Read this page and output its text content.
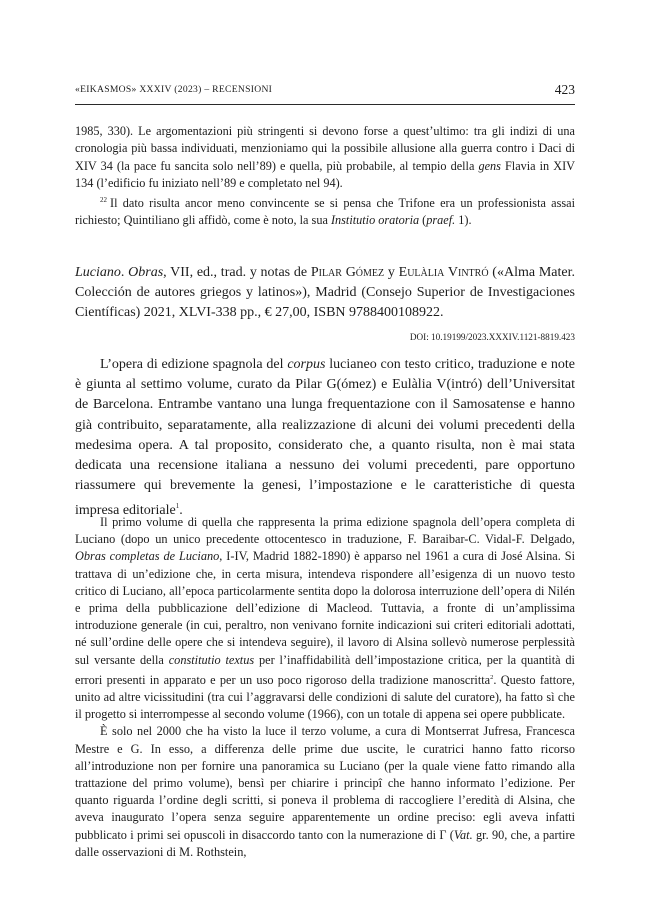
«EIKASMOS» XXXIV (2023) – RECENSIONI	423

1985, 330). Le argomentazioni più stringenti si devono forse a quest’ultimo: tra gli indizi di una cronologia più bassa individuati, menzioniamo qui la possibile allusione alla guerra contro i Daci di XIV 34 (la pace fu sancita solo nell’89) e quella, più probabile, al tempio della gens Flavia in XIV 134 (l’edificio fu iniziato nell’89 e completato nel 94).

$^{22}$ Il dato risulta ancor meno convincente se si pensa che Trifone era un professionista assai richiesto; Quintiliano gli affidò, come è noto, la sua Institutio oratoria (praef. 1).

Luciano. Obras, VII, ed., trad. y notas de Pilar Gómez y Eulàlia Vintró («Alma Mater. Colección de autores griegos y latinos»), Madrid (Consejo Superior de Investigaciones Científicas) 2021, XLVI-338 pp., € 27,00, ISBN 9788400108922.

DOI: 10.19199/2023.XXXIV.1121-8819.423

L’opera di edizione spagnola del corpus lucianeo con testo critico, traduzione e note è giunta al settimo volume, curato da Pilar G(ómez) e Eulàlia V(intró) dell’Universitat de Barcelona. Entrambe vantano una lunga frequentazione con il Samosatense e hanno già contribuito, separatamente, alla realizzazione di alcuni dei volumi precedenti della medesima opera. A tal proposito, considerato che, a quanto risulta, non è mai stata dedicata una recensione italiana a nessuno dei volumi precedenti, pare opportuno riassumere qui brevemente la genesi, l’impostazione e le caratteristiche di questa impresa editoriale$^1$.

Il primo volume di quella che rappresenta la prima edizione spagnola dell’opera completa di Luciano (dopo un unico precedente ottocentesco in traduzione, F. Baraibar-C. Vidal-F. Delgado, Obras completas de Luciano, I-IV, Madrid 1882-1890) è apparso nel 1961 a cura di José Alsina. Si trattava di un’edizione che, in certa misura, intendeva rispondere all’esigenza di un nuovo testo critico di Luciano, all’epoca particolarmente sentita dopo la dolorosa interruzione dell’opera di Nilén e prima della pubblicazione dell’edizione di Macleod. Tuttavia, a fronte di un’amplissima introduzione generale (in cui, peraltro, non venivano fornite indicazioni sui criteri editoriali adottati, né sull’ordine delle opere che si intendeva seguire), il lavoro di Alsina sollevò numerose perplessità sul versante della constitutio textus per l’inaffidabilità dell’impostazione critica, per la quantità di errori presenti in apparato e per un uso poco rigoroso della tradizione manoscritta$^2$. Questo fattore, unito ad altre vicissitudini (tra cui l’aggravarsi delle condizioni di salute del curatore), ha fatto sì che il progetto si interrompesse al secondo volume (1966), con un totale di appena sei opere pubblicate.

È solo nel 2000 che ha visto la luce il terzo volume, a cura di Montserrat Jufresa, Francesca Mestre e G. In esso, a differenza delle prime due uscite, le curatrici hanno fatto ricorso all’introduzione non per fornire una panoramica su Luciano (per la quale viene fatto rimando alla trattazione del primo volume), bensì per chiarire i principî che hanno informato l’edizione. Per quanto riguarda l’ordine degli scritti, si poneva il problema di raccogliere l’eredità di Alsina, che aveva inaugurato l’opera senza seguire apparentemente un ordine preciso: egli aveva infatti pubblicato i primi sei opuscoli in disaccordo tanto con la numerazione di Γ (Vat. gr. 90, che, a partire dalle osservazioni di M. Rothstein,
